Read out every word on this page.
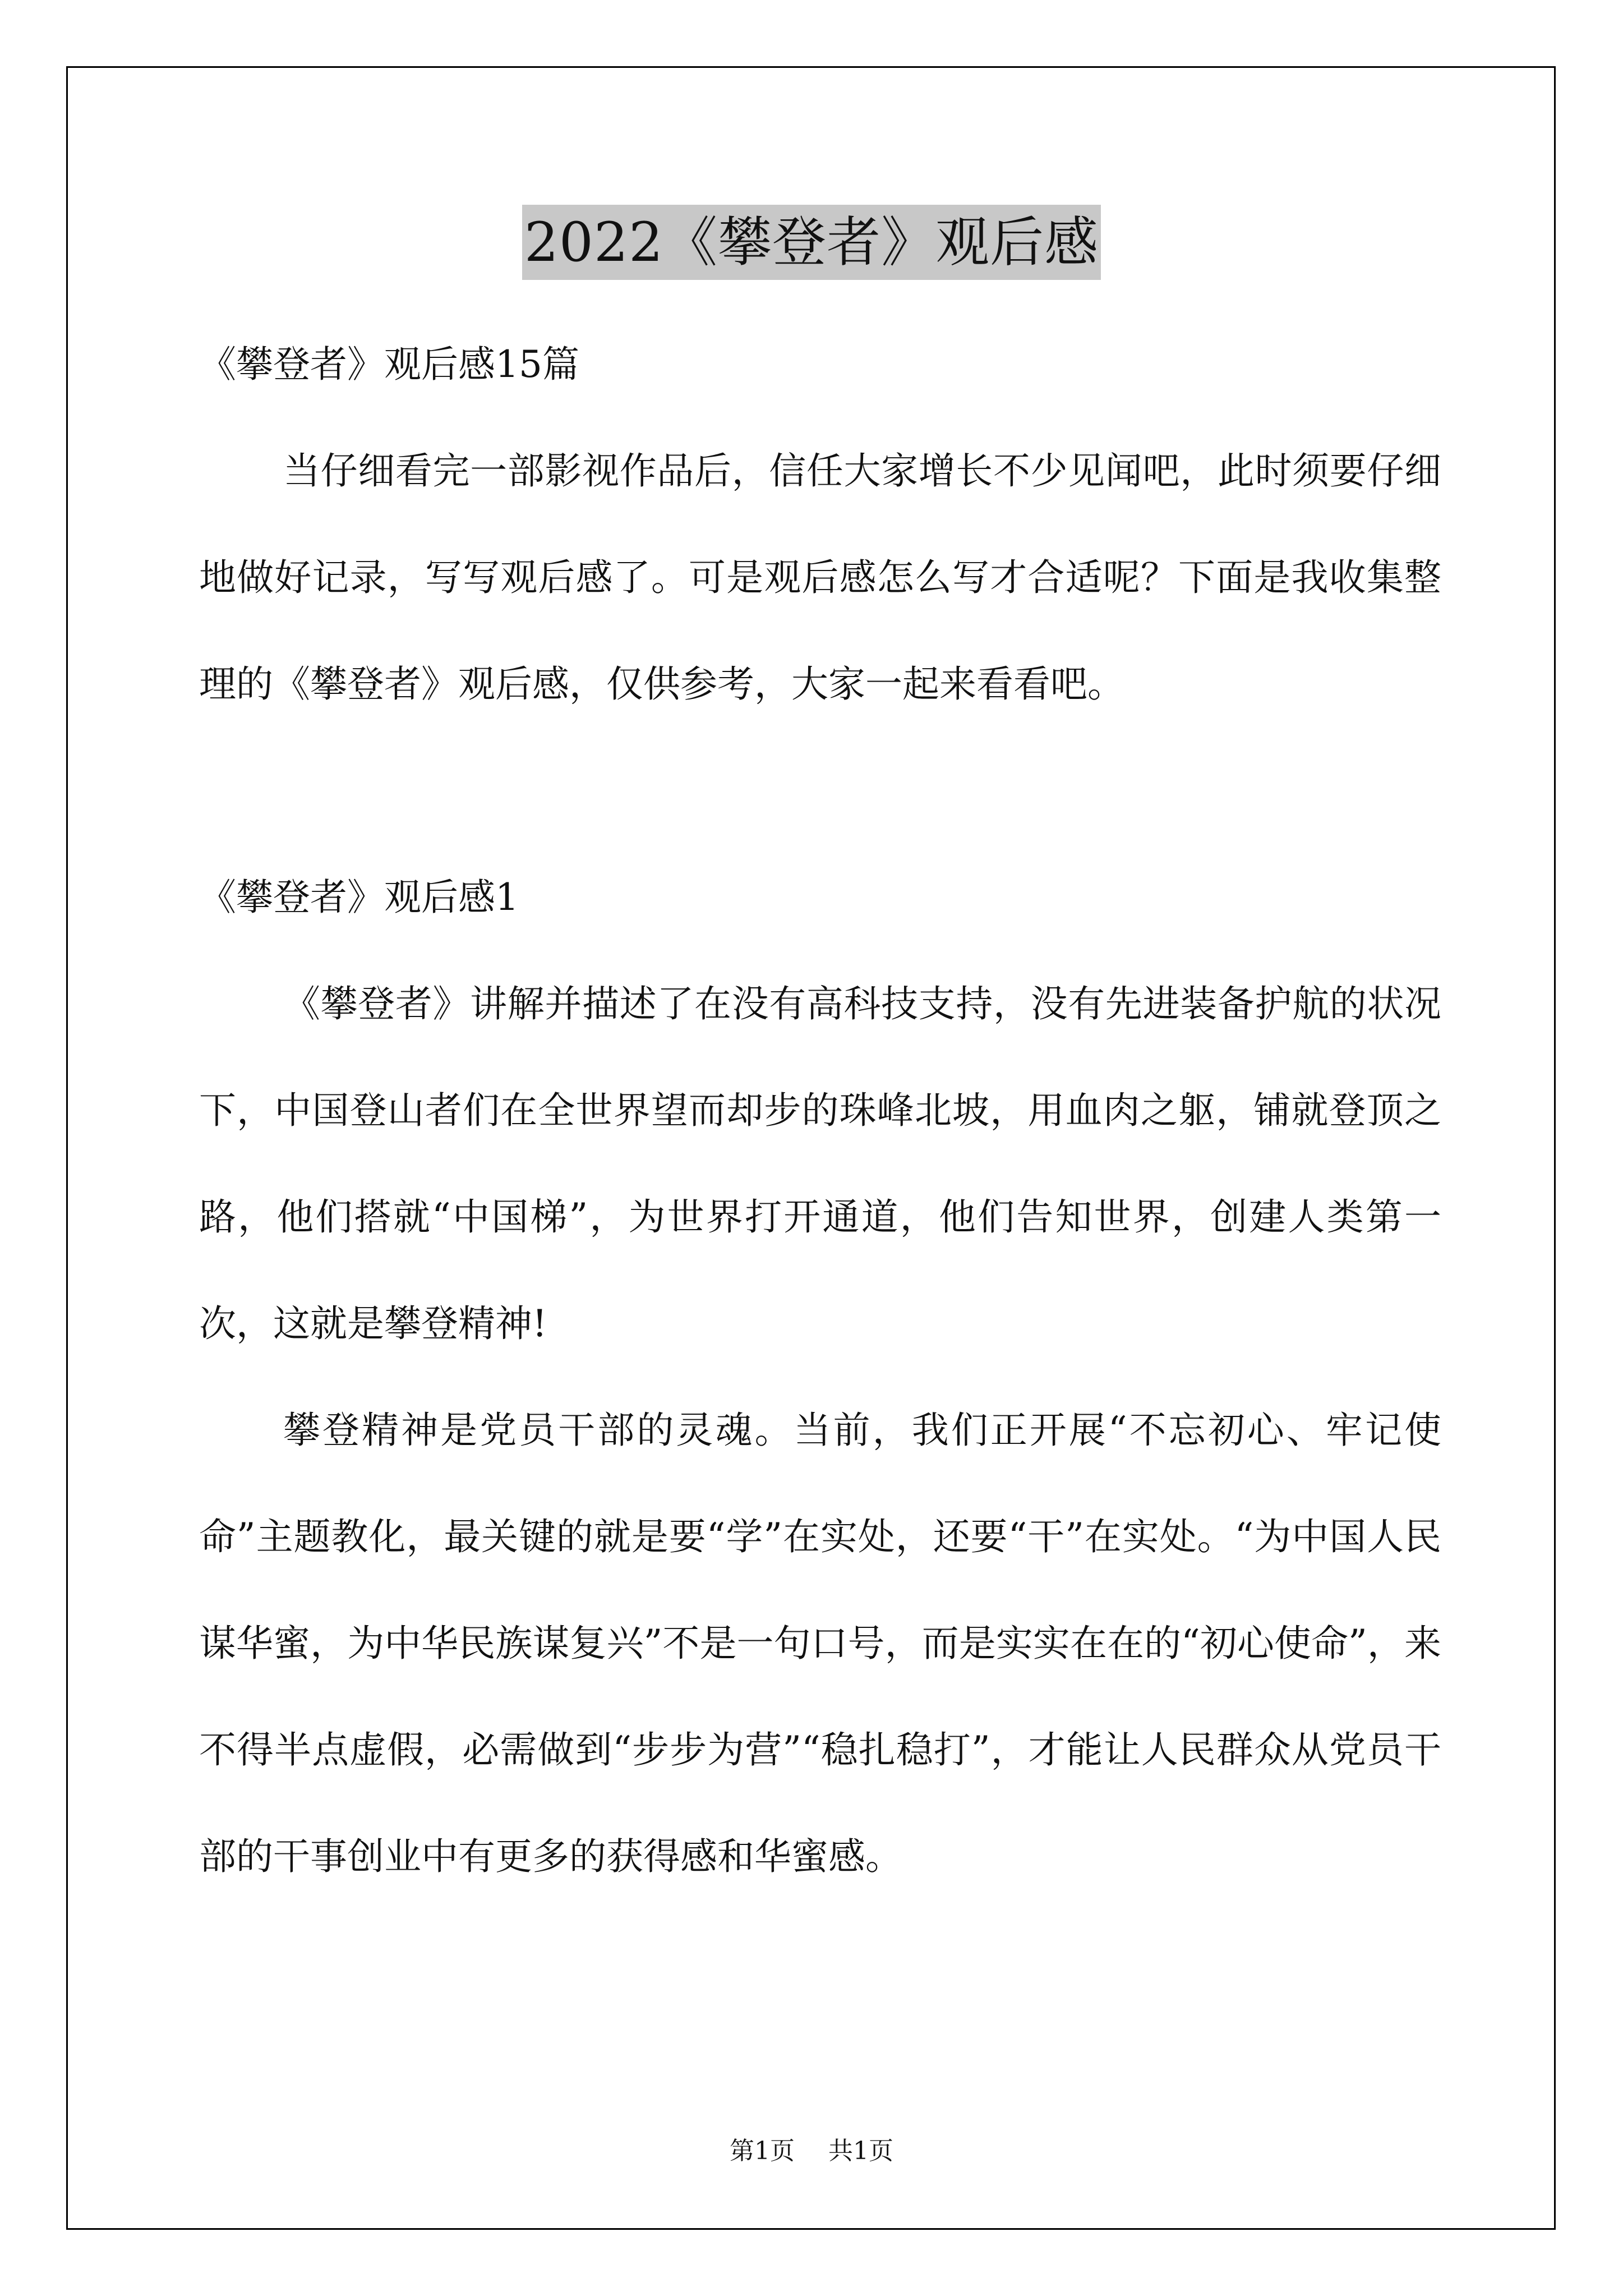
2022《攀登者》观后感

《攀登者》观后感15篇

当仔细看完一部影视作品后，信任大家增长不少见闻吧，此时须要仔细地做好记录，写写观后感了。可是观后感怎么写才合适呢？下面是我收集整理的《攀登者》观后感，仅供参考，大家一起来看看吧。

《攀登者》观后感1

《攀登者》讲解并描述了在没有高科技支持，没有先进装备护航的状况下，中国登山者们在全世界望而却步的珠峰北坡，用血肉之躯，铺就登顶之路，他们搭就“中国梯”，为世界打开通道，他们告知世界，创建人类第一次，这就是攀登精神!

攀登精神是党员干部的灵魂。当前，我们正开展“不忘初心、牢记使命”主题教化，最关键的就是要“学”在实处，还要“干”在实处。“为中国人民谋华蜜，为中华民族谋复兴”不是一句口号，而是实实在在的“初心使命”，来不得半点虚假，必需做到“步步为营”“稳扎稳打”，才能让人民群众从党员干部的干事创业中有更多的获得感和华蜜感。

第1页 共1页
